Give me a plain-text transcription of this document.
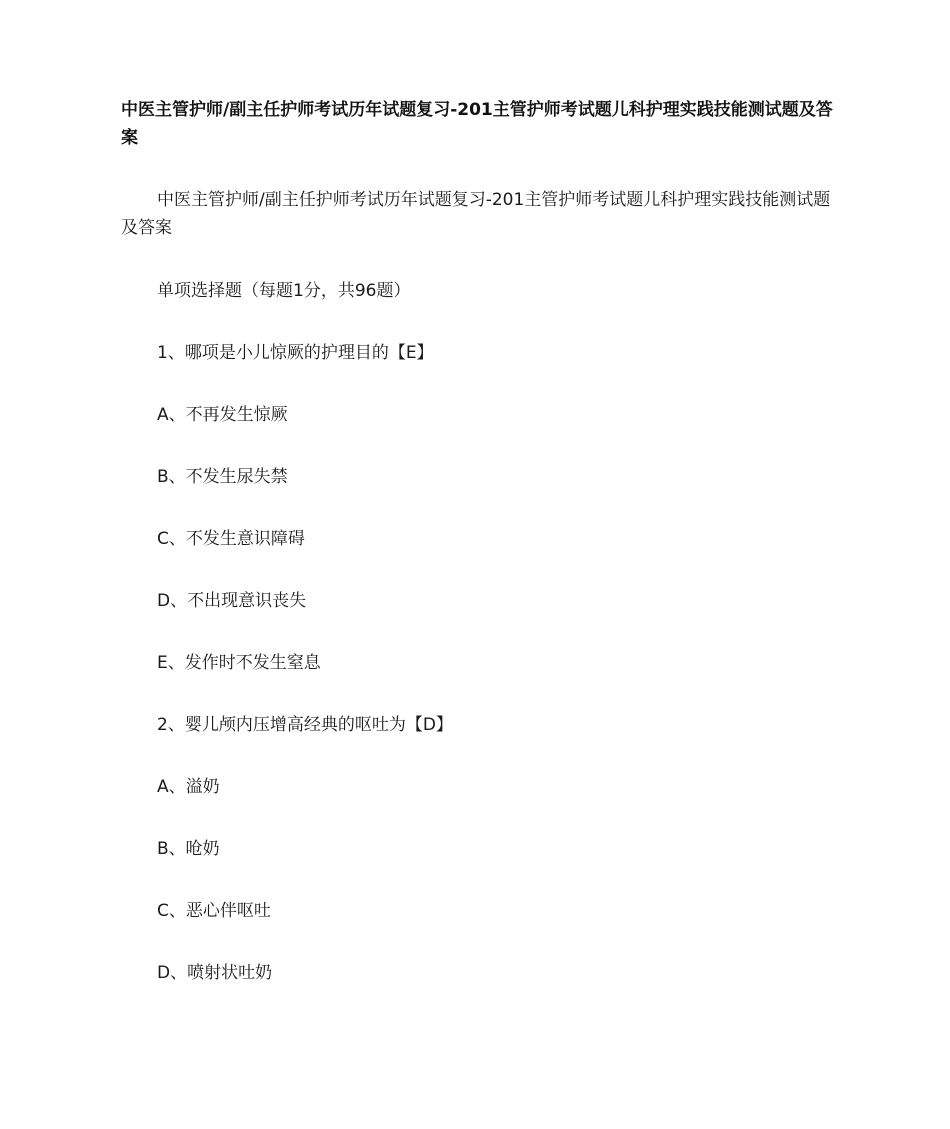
中医主管护师/副主任护师考试历年试题复习-201主管护师考试题儿科护理实践技能测试题及答案

中医主管护师/副主任护师考试历年试题复习-201主管护师考试题儿科护理实践技能测试题及答案

单项选择题（每题1分，共96题）

1、哪项是小儿惊厥的护理目的【E】

A、不再发生惊厥

B、不发生尿失禁

C、不发生意识障碍

D、不出现意识丧失

E、发作时不发生窒息

2、婴儿颅内压增高经典的呕吐为【D】

A、溢奶

B、呛奶

C、恶心伴呕吐

D、喷射状吐奶
